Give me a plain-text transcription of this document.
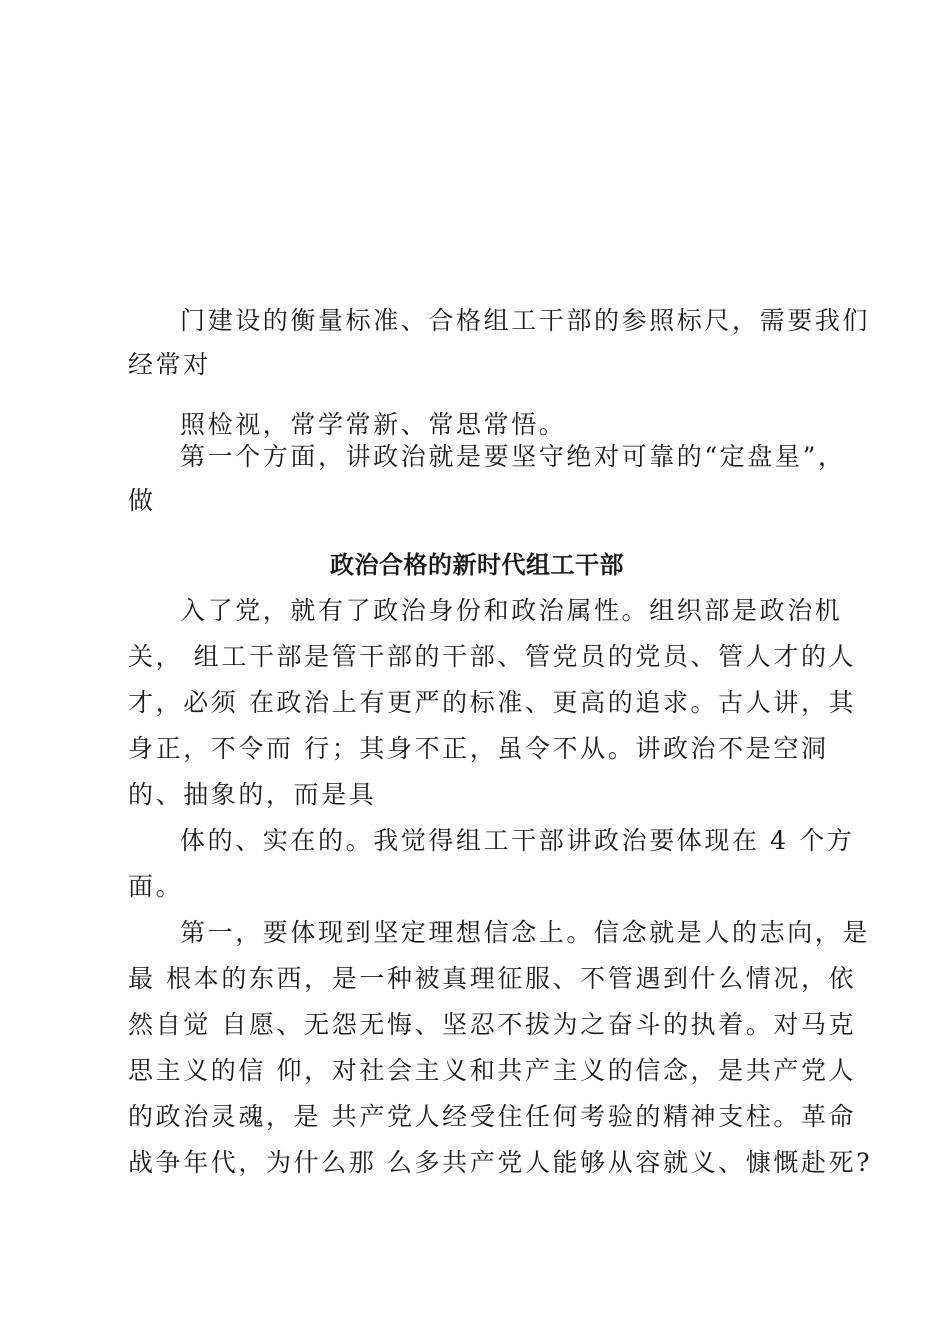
门建设的衡量标准、合格组工干部的参照标尺，需要我们
经常对
照检视，常学常新、常思常悟。
第一个方面，讲政治就是要坚守绝对可靠的“定盘星”，
做
政治合格的新时代组工干部
入了党，就有了政治身份和政治属性。组织部是政治机
关， 组工干部是管干部的干部、管党员的党员、管人才的人
才，必须 在政治上有更严的标准、更高的追求。古人讲，其
身正，不令而 行；其身不正，虽令不从。讲政治不是空洞
的、抽象的，而是具
体的、实在的。我觉得组工干部讲政治要体现在 4 个方
面。
第一，要体现到坚定理想信念上。信念就是人的志向，是
最 根本的东西，是一种被真理征服、不管遇到什么情况，依
然自觉 自愿、无怨无悔、坚忍不拔为之奋斗的执着。对马克
思主义的信 仰，对社会主义和共产主义的信念，是共产党人
的政治灵魂，是 共产党人经受住任何考验的精神支柱。革命
战争年代，为什么那 么多共产党人能够从容就义、慷慨赴死?
